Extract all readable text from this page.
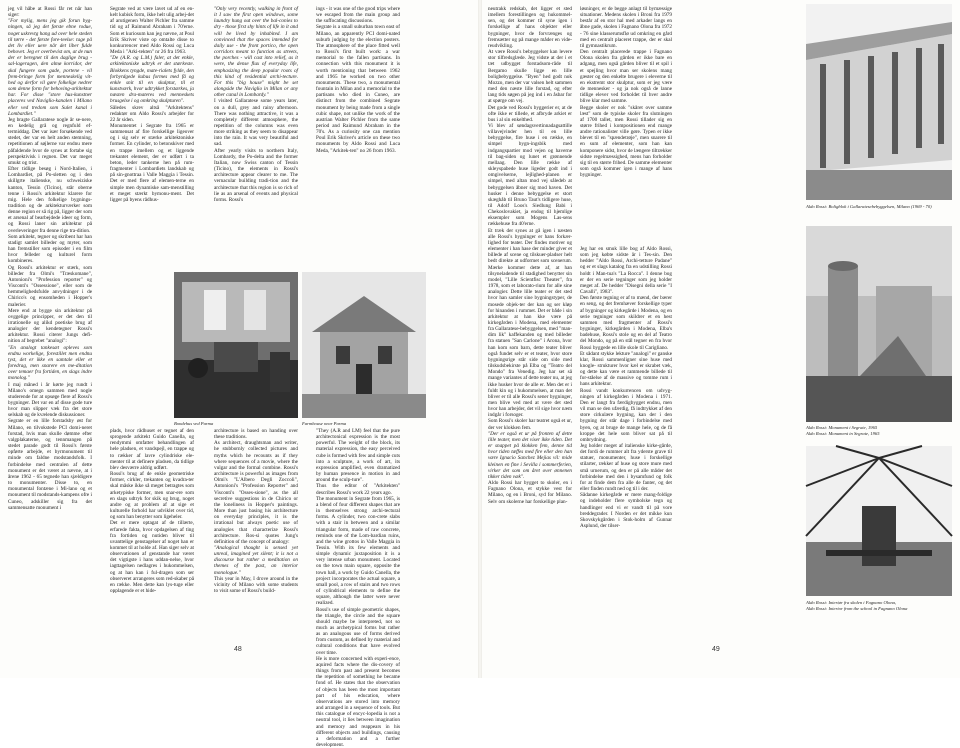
jeg vil håbe at Rossi får ret når han siger:

"For mylig, mens jeg gik forun byg-ningen, så jeg det første ebne rodue, noget uskrevtg hang ud over hele steden til tørre - det første fore-teelse: tage på det liv eller uere når det liber fulde behovet. Jeg er overbevist om, at de nun der er beregnet til den daglige brug - sal-lageragen, den almø korridor, der skal fungere som gade, portene - vil frem-bringe form for menneskelig vit-hed og derfor vil gøre folkelige nedrer som denne form for behoving-arkitektur har. For disse "store hus-kunstner placeres ved Naviglio-kanalen i Milano eller ved tredom som Sulet kanal i Lombardiet."

Jeg bragte Gallaratese nogle år se-nere, en kedelig grå og regnfuld ef-termiddag. Det var især forsøkende ved stedet, der var en helt anden stemning, repetitionen af søjlerne var endnu mere påfaldende hvor de synes at fortabe sig perspektivisk i regnen. Det var meget smukt og trist.

Efter tidlige besøg i Nord-Italien, i Lombardiet, på Po-sletten og i den skillgrte italienske, nu schweiziske kanton, Tessin (Ticino), står oberne tenne i Rossi's arkitektur klarere for mig. Hele den folkelige bygnings-tradition og de arkitekturværker som denne region er så rig på, ligger der som et arsenal af bearbejdede ideer og form, og Rossi laner sin arkitektur på overleveringer fra denne rige tra-dition.

Som arkitekt, tegner og skribent har han stadigt samlet billeder og myter, som han fremstiller som episoder i en film hvor felleder og kulturel form kombineres.

Og Rossi's arkitektur er stærk, som billeder fra Olmi's "Træskomane", Antonioni's "Profession reporter" og Visconti's "Ossessione", eller som de hemmelighedsfulde anvydninger i de Chirico's og ensomheden i Hopper's malerier.

Mere end at bygge sin arkitektur på ovggelige principper, er det den til irrationelle og alikd poetiske brug af analogier der kendetegner Rossi's arkitektur. Rossi citerer Jungs defi-nition af begrebet "analogi":

"En analogt tankesæt opleves som endnu workelige, forestillet men endnu tyst, det er ikke en samtale eller et foredrag, men snarere en me-ditation over temaer fra fortiden, en slags indre monolog."

I maj måned i år kørte jeg rundt i Milano's omegn sammen med nogle studerende for at opsøge flere af Rossi's bygninger. Det var en af disse gode ture hvor man slipper væk fra det store selskab og de kvælende diskussioner.

Segrate er en lille forstadsby øst for Milano, en tilvokstede PCI domi-neret forstad, hvis man skulle dømme efter valgplakaterne, og tennmangen på stedet parade godt til Rossi's første opførte arbejde, et byrmonument til minde om faldne modstandsfolk. I forbindelse med centralen af dette monument er det været at nævne, at i årene 1962 - 65 tegnede han sjældigere to monumenter. Disse to, en monumental fontæne i Mi-lano og et monument til modstands-kampens ofre i Cuneo, adskiller sig fra det sammensatte monument i

Segrate ved at være lavet ud af en en-kelt kubisk form, ikke helt ulig arbej-det af arutigenen Walter Pichler fra samme tid og af Raimund Abraham i 70'erne. Som et kuriosum kan jeg nævne, at Poul Erik Skriver viste op omtalte disse to konkurrencer med Aldo Rossi og Luca Meda i "Arki-tekten" nr 26 fra 1963.

"De (A.R. og L.M.) faler, at det enkle, arkitektoniske udtryk er det stærkeste. Blokkens tyngde, mate-rialets fylde, den forbyrdgede kubus formes med få og enkle snit til en skulptur, til et kunstværk, hvor udtrykket forstærkes, ja næsten dra-materes ved menneskets brusgelse i og omkring skulpturen".

Således skrev altså "Arkitektens" redaktør om Aldo Rossi's arbejder for 22 år siden.

Monumentet i Segrate fra 1965 er sammensat af fire forskellige ligeover og i sig selv er stærke arkitektoniske former. En cylinder, to betonskiver med en trappe imellem og et liggende trekantet element, der er udført i ta beton, leder tankerne hen på rum-fragmenter i Lombardiets landskab og på sin-gnottraa i Valle Maggia i Tessin. Det er med flere af elemen-terne en simple men dynamiske sam-menstilling et meget stærkt bymonu-ment. Det ligger på byens rådhus-

Bondehus ved Parma	Farmhouse near Parma

plads, hvor rådhuset er tegnet af den sprogende arkitekt Guido Canella, og rendymmi omfatter behandlingen af hele pladsen, et vandspejl, en trappe og to rækker af lavre cylindriske ele-menter til at definere pladsen, da tidlige blev desværre aldrig udført.

Rossi's brug af de enkle geometriske former, cirkler, trekanten og kvadra-ter skal måske ikke så meget betragtes som arketypiske former, men snar-ere som en slags udtryk for skik og brug, noget andre og at problem af at sige et kulturelle forhold har udviklet over tid, og som han benytter som ligeheler.

Det er mere optagat af de tillærte, erfarede fakta, hvor opdagelsen af ting fra fortiden og nutiden bliver til uvanttelige genstagelser af noget han er kommet til at holde af. Han siger selv at observationen af genstande har været det vigtigste i hans uddan-nelse, hvor iagttagelsen nedlagres i hukommelsen, og at han kan i ful-dragen som ser observeret arrangeres som red-skaber på en række. Men dette kan lys-tuge eller opplagende er et hide-

"Only very recently, walking in front of it I saw the first open windows, some laundry hung out over the bal-conies to dry - those first shy hints of life in it and will be lived by inhabited. I am convinced that the spaces intended for daily use - the front portico, the open corridors meant to function as streets, the porches - will cast into relief, as it were, the dense flux of everyday life, emphasizing the deep popular roots of this kind of residential archi-tecture. For this "big house" might be set alongside the Naviglio in Milan or any other canal in Lombardy."

I visited Gallaratese some years later, on a dull, grey and rainy afternoon. There was nothing attractive, it was a completely different atmosphere, the repetition of the columns was even more striking as they seem to disappear into the rain. It was very beautiful and sad.

After yearly visits to northern Italy, Lombardy, the Po-delta and the former Italian, now Swiss canton of Tessin (Ticino), the elements in Rossi's architecture appear clearer to me. The vernacular building tradi-tion and the architecture that this region is so rich of lie as an arsenal of events and physical forms. Rossi's

architecture is based on handing over these traditions.

As architect, draughtsman and writer, he stubbornly collected pictures and myths which he recounts as if they where sequences of a movie, where the vulgar and the formal combine. Rossi's architecture is powerful as images from Olmi's "L'Albero Degli Zoccoli", Antonioni's "Profession Reporter" and Visconti's "Osses-sione", as the all secretive suggestions in de Chirico or the loneliness in Hopper's paintings. More than just basing his architecture on everyday principles, it is the irrational but always poetic use of analogies that characterize Rossi's architecture. Ros-si quotes Jung's definition of the concept of analogy:

"Analogical thought is sensed yet unreal, imagined yet silent; it is not a discourse but rather a meditation on themes of the past, an interior monologue."

This year in May, I drove around in the vicinity of Milano with some students to visit some of Rossi's build-

ings - it was one of the good trips where we escaped from the main group and the suffocating discussions.

Segrate is a small suburban town east of Milano, an apparently PCI domi-nated suburb judging by the election posters. The atmosphere of the place fitted well to Rossi's first built work: a war memorial to the fallen partisans. In connection with this monument it is worth mentioning that between 1962 and 1965 he worked on two other monuments. These two, a monumental fountain in Milan and a memorial to the partisans who died in Cuneo, are distinct from the combined Segrate monument by being made from a single cubic shape, not unlike the work of the austrian Walter Pichler from the same period and Raimund Abraham in the 70's. As a curiosity one can mention Poul Erik Skriver's article on these two monuments by Aldo Rossi and Luca Meda, "Arkitek-ten" no 26 from 1963.

"They (A.R and LM) feel that the pure architectonical expression is the most powerful. The weight of the block, its material expression, the easy perceived cube is formed with few and simple cuts into a sculpture, a work of art, its expression amplified, even dramatized by human presence in motion in and around the sculp-ture".

Thus the editor of "Arkitekten" describes Rossi's work 22 years ago.

The monument in Segrate from 1965, is a blend of four different shapes that are in themselves strong archi-tectural forms. A cylinder, two con-crete slabs with a stair in between and a similar triangular form, made of raw concrete, reminds one of the Lom-bardian ruins, and the wine grottos in Valle Maggia in Tessin. With its few elements and simple dynamic juxtaposition it is a very intense urban monument. Located on the town main square, opposite the town hall, a work by Guido Canella, the project incorporates the actual square, a small pool, a row of stairs and two rows of cylindrical elements to define the square, although the latter were never realized.

Rossi's use of simple geometric shapes, the triangle, the circle and the square should maybe be interpreted, not so much as archetypical forms but rather as an analogous use of forms derived from custom, as defined by material and cultural conditions that have evolved over time.

He is more concerned with experi-ence, aquired facts where the dis-covery of things from past and present becomes the repetition of something he became fond of. He states that the observation of objects has been the most important part of his education, where observations are stored into memory and arranged in a sequence of tools. But this catalogue of encyc-lopedia is not a neutral tool, it lies between imagination and memory and reappears in his different objects and buildings, causing a deformation and a further development.

48

neutrakk redskab, det ligger et sted imellem forestillingen og hukommel-sen, og det kommer til syne igen i forskellige af hans objekter eller bygninger, hvor de forvrænges og fremsætter og på mange måder en vide-reudvikling.

At være Rossi's bebyggelser kan levere stor tilfredsglæde. Jeg vidste at der i et tæt udbygget forstadsom-råde til Bergamo skulle ligge en lille boligbebyggelse. "Byen" hed godt nok Mozzo, men der var valsen helt sammen med den næste lille forstad, og efter lang tids søgen på jeg ind i en åsbar for at spørge om vej.

Det gode ved Rossi's byggerier er, at de ofte ikke er tillede, et afbryde arkiet er bus i al sin enkelthed.

Vi blev af søndagsvertinnadagsattille villavejvinder hen til en lille bebyggelse, fire huse i en række, en simpel bygn-ingsbik med indgangspartier mod vejen og haverne til bag-siden og lunet et grønnende mellaag. Den lille række af skleyspabede huse ligeder godt ind i omgivelserne, lejlighed-planen er simpel, med altan mod vej såledeb at bebyggelsen åbner sig mod haven. Det husker i denne bebyggelse et stort skæghåb til Bruno Taut's tidligere huse, til Adolf Loos's Siedlung Babi i Chekoslovakiet, ja endog til hjemlige eksempler som Mogens Las-sens rækkehuse fra 40'erne.

Et træk der synes at gå igen i næsten alle Rossi's bygninger er hans forkær-lighed for teater. Der findes motiver og elementer i han hase der minder giver et billede af scene og tilskuer-pladser helt bedt direkte at udformet som scenerum. Mærke kommer dette af, at han tilsyneladende til stadighed benytter sin model, "Lille Scientfisc Theater", fra 1978, som et laborato-rium for alle sine analogier. Dette lille teater er det sted hvor han samler sine bygningstyper, de mosede objek-ter der kan og ser kløp for hinanden i rummet. Det er både i sin arkitektur at han kke være på kirkegården i Modena, med elementer fra Gallaratese-bebyggelsen, med "man-dim lik" kaffekanden og med billeder fra statuen "San Carlone" i Arona, hvor han kom som barn, dette teater bliver også fundet selv er et teater, hvor store bygningsrige står side om side med tilskudsbekirste på Elba og "Teatro del Mondo" fra Venedig. Jeg har set så mange variantes af dette teater nu, at jeg ikke husker hvor de alle er. Men det er i fuldt kin og i hukommelsen, at man det bliver er til alle Rossi's sener bygninger, men blive ved med at være det sted hvor han arbejder, det vil sige hvor næm indgår i forsoger.

Som Rossi's skoler har teatret også et ur, der ver klokken fem.

"Der er også et ur på fronten af dette lille teater, men det viser ikke tiden. Det er snappet på klokken fem, denne tid hvor tiden tæffes med fire eller den han være Ignacio Sanchez Mejias vil: mide kleinen en fine i Sevilla i sommerferien, virker det som om året over ønnenen tikker tiden væk".

Aldo Rossi har bygget to skoler, en i Fagnano Olona, et stykke vest for Milano, og en i Broni, syd for Milano. Selv om skolerne har forskellige plan-

løsninger, er de begge anlagt til bymæssige situationer. Medens skolen i Broni fra 1979 består af en stor hal med arkader langs en åbne gade, skolen i Fagnano Olona fra 1972 - 76 sine klasserumsflø ud omkring en gård med en centralt placeret trappe, der er skal til gymnastikrum.

Den centralt placerede trappe i Fagnano Olona skolen fra gården er ikke bare en adgang, men også gården bliver til et spil i et spejling hvor man ser skolens mang gæster og den enkelte brugere i eleverne til en ekstremt stor skulptur, som er jeg være de mennesker - og ja nok også de lanne tidlige elever ved forholdet til hver andre blive klar med samme.

Begge skoler er nok "skåret over samme læst" som de typiske skoler fra slutningen af 1700 tallet, men Rossi tillader sig en større frihed i kompositionen end mange andre rationalister ville gøre. Typen er ikke blevet til en "spændetrøje", men snarere til en sum af elementer, som han kan komponere sidst, hvor de længere tiltrækker sidste regelmæssighed, mens han forholder sig til en større frihed. De samme elementer som også kommer igen i mange af hans bygninger.

Jeg har en smuk lille bog af Aldo Rossi, som jeg købte sidste år i Tes-sin. Den hedder "Aldo Rossi, Archi-tetture Padane" og er et slags katalog fra en udstilling Rossi holdt i Man-tua's "La Rocca". I denne bog er der en serie tegninger som jeg holder meget af. De hedder "Disegni della serie "I Cavalli", 1983".

Den første tegning er af to mænd, der bærer en seng, og det fremhæver forskellige typer af bygninger og kirkegårde i Modena, og en serie tegninger som skildrer et en hest sammen med fragmenter af Rossi's bygninger, kirkegården i Modena, Elba's badehuse, Rossi's stole og en del af Teatro del Mondo, og på en stål tegner en fra hvor Rossi byggede en lille skole til Carigliano.

Et sådant stykke lekture "analogi" er ganske klar, Rossi sammenligner sine huse med knogle- strukturer hvor kæl er skrabet væk, og dette kan være et rammende billede til for-ståelse af de massive og tomme rum i hans arkitektur.

Rossi vandt konkurrencen om udvyg-ningen af kirkegården i Modena i 1971. Den er langt fra færdigbygget endnu, men vil man se den ufærdig, få indtrykket af den store cirkulære bygning, kan der i den bygning der står dage i forbindelse med byen, og at bruge de mange hele, og de få kroppe det hele som bliver sat på til ombrydning.

Jeg holder meget af italienske kirke-gårde, det fordi de rummer alt fra yderste grave til statuer, monumenter, huse i forskellige stilarter, rækker af huse og store mure med små urnerum, og den er på alle måder det forbindelse med den i bysamfund og folk for at finde dem fra alle de fanter, og det eller finden rundt ned og til i der.

Sådanne kirkegårde er mere mang-foldige og indeholder flere symbolske tegn og handlinger end vi er vandt til på vore breddegrader. I Norden er det mikke kun Skovskykgården i Stok-holm af Gunnar Asplund, der tilser-

Aldo Rossi: Boligblok i Gallaratesebebyggelsen, Milano (1969 - 70)
Aldo Rossi: Monument i Segrate, 1965
Aldo Rossi: Monument in Segrate, 1965
Aldo Rossi: Interiør fra skolen i Fagnano Olona,
Aldo Rossi: Interior from the school in Fagnano Olona
49
